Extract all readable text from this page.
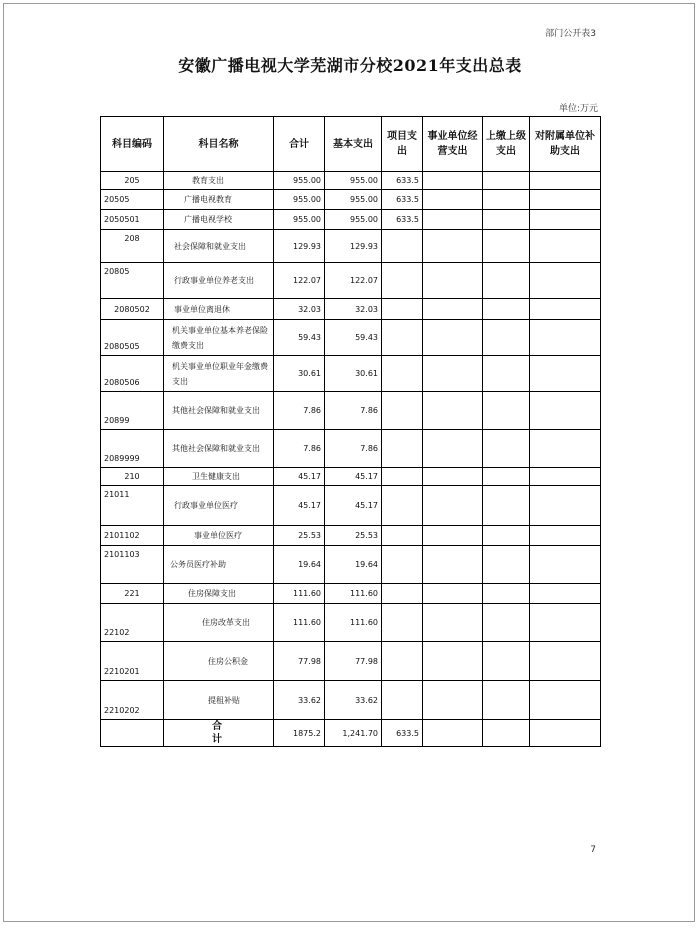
部门公开表3
安徽广播电视大学芜湖市分校2021年支出总表
单位:万元
科目编码	科目名称	合计	基本支出	项目支出	事业单位经营支出	上缴上级支出	对附属单位补助支出
205	教育支出	955.00	955.00	633.5			
20505	广播电视教育	955.00	955.00	633.5			
2050501	广播电视学校	955.00	955.00	633.5			
208	社会保障和就业支出	129.93	129.93				
20805	行政事业单位养老支出	122.07	122.07				
2080502	事业单位离退休	32.03	32.03				
2080505	机关事业单位基本养老保险缴费支出	59.43	59.43				
2080506	机关事业单位职业年金缴费支出	30.61	30.61				
20899	其他社会保障和就业支出	7.86	7.86				
2089999	其他社会保障和就业支出	7.86	7.86				
210	卫生健康支出	45.17	45.17				
21011	行政事业单位医疗	45.17	45.17				
2101102	事业单位医疗	25.53	25.53				
2101103	公务员医疗补助	19.64	19.64				
221	住房保障支出	111.60	111.60				
22102	住房改革支出	111.60	111.60				
2210201	住房公积金	77.98	77.98				
2210202	提租补贴	33.62	33.62				
	合计	1875.2	1,241.70	633.5			
7
